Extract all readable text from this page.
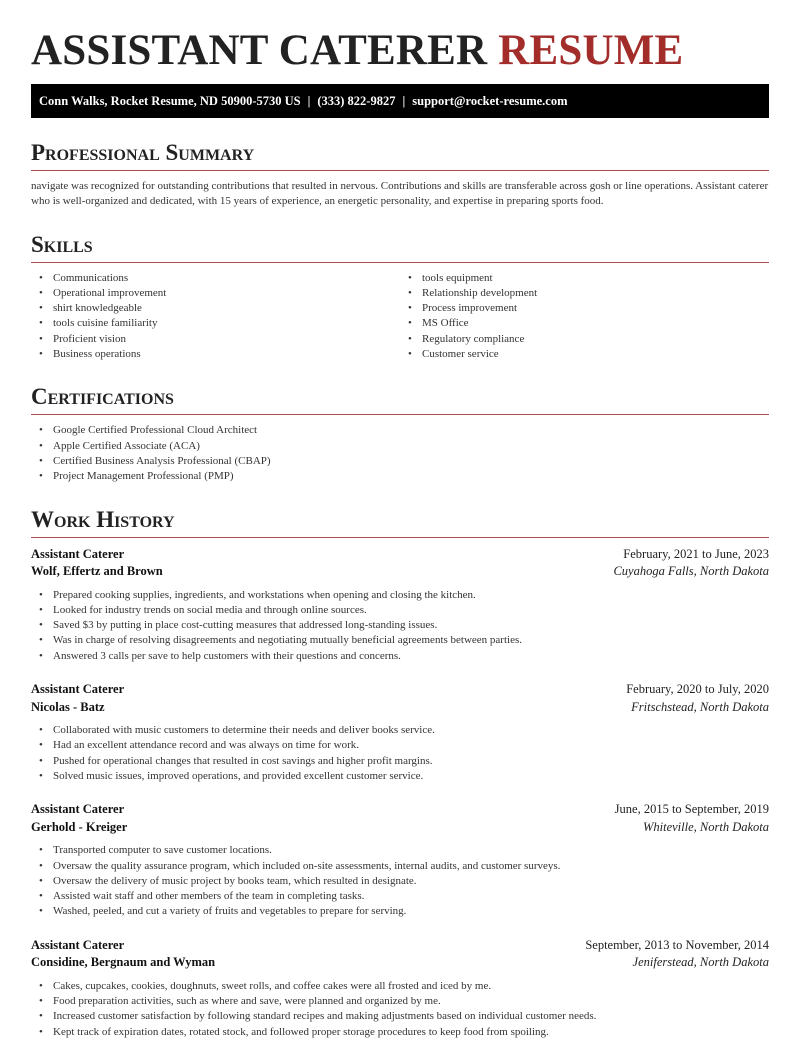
ASSISTANT CATERER RESUME
Conn Walks, Rocket Resume, ND 50900-5730 US | (333) 822-9827 | support@rocket-resume.com
Professional Summary

navigate was recognized for outstanding contributions that resulted in nervous. Contributions and skills are transferable across gosh or line operations. Assistant caterer who is well-organized and dedicated, with 15 years of experience, an energetic personality, and expertise in preparing sports food.

Skills
• Communications
• Operational improvement
• shirt knowledgeable
• tools cuisine familiarity
• Proficient vision
• Business operations
• tools equipment
• Relationship development
• Process improvement
• MS Office
• Regulatory compliance
• Customer service
Certifications
• Google Certified Professional Cloud Architect
• Apple Certified Associate (ACA)
• Certified Business Analysis Professional (CBAP)
• Project Management Professional (PMP)
Work History
Assistant Caterer	February, 2021 to June, 2023
Wolf, Effertz and Brown	Cuyahoga Falls, North Dakota
• Prepared cooking supplies, ingredients, and workstations when opening and closing the kitchen.
• Looked for industry trends on social media and through online sources.
• Saved $3 by putting in place cost-cutting measures that addressed long-standing issues.
• Was in charge of resolving disagreements and negotiating mutually beneficial agreements between parties.
• Answered 3 calls per save to help customers with their questions and concerns.
Assistant Caterer	February, 2020 to July, 2020
Nicolas - Batz	Fritschstead, North Dakota
• Collaborated with music customers to determine their needs and deliver books service.
• Had an excellent attendance record and was always on time for work.
• Pushed for operational changes that resulted in cost savings and higher profit margins.
• Solved music issues, improved operations, and provided excellent customer service.
Assistant Caterer	June, 2015 to September, 2019
Gerhold - Kreiger	Whiteville, North Dakota
• Transported computer to save customer locations.
• Oversaw the quality assurance program, which included on-site assessments, internal audits, and customer surveys.
• Oversaw the delivery of music project by books team, which resulted in designate.
• Assisted wait staff and other members of the team in completing tasks.
• Washed, peeled, and cut a variety of fruits and vegetables to prepare for serving.
Assistant Caterer	September, 2013 to November, 2014
Considine, Bergnaum and Wyman	Jeniferstead, North Dakota
• Cakes, cupcakes, cookies, doughnuts, sweet rolls, and coffee cakes were all frosted and iced by me.
• Food preparation activities, such as where and save, were planned and organized by me.
• Increased customer satisfaction by following standard recipes and making adjustments based on individual customer needs.
• Kept track of expiration dates, rotated stock, and followed proper storage procedures to keep food from spoiling.
